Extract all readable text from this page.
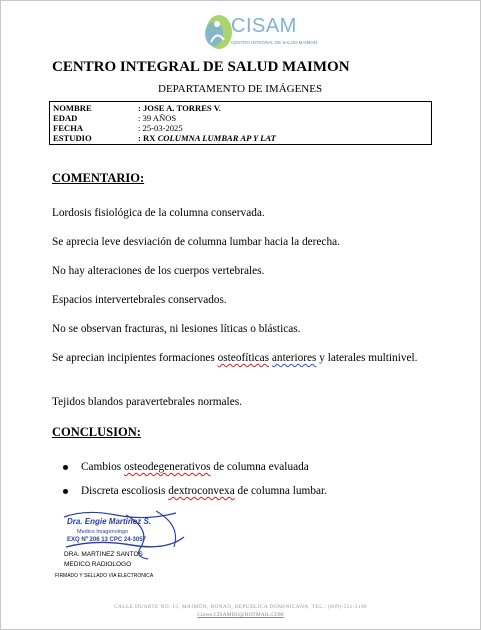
CISAM
CENTRO INTEGRAL DE SALUD MAIMON
CENTRO INTEGRAL DE SALUD MAIMON
DEPARTAMENTO DE IMÁGENES
NOMBRE	: JOSE A. TORRES V.
EDAD	: 39 AÑOS
FECHA	: 25-03-2025
ESTUDIO	: RX COLUMNA LUMBAR AP Y LAT
COMENTARIO:
Lordosis fisiológica de la columna conservada.
Se aprecia leve desviación de columna lumbar hacia la derecha.
No hay alteraciones de los cuerpos vertebrales.
Espacios intervertebrales conservados.
No se observan fracturas, ni lesiones líticas o blásticas.
Se aprecian incipientes formaciones osteofíticas anteriores y laterales multinivel.
Tejidos blandos paravertebrales normales.
CONCLUSION:
Cambios osteodegenerativos de columna evaluada
Discreta escoliosis dextroconvexa de columna lumbar.
Dra. Engie Martinez S.
Medico Imagenologo
EXQ Nº 206 13 CPC 24-3057
DRA. MARTINEZ SANTOS
MEDICO RADIOLOGO
FIRMADO Y SELLADO VIA ELECTRONICA
CALLE DUARTE NO. 15, MAIMÓN, BONAO, REPUBLICA DOMINICANA, TEL.: (809)-551-2196
Correo:CISAMDO@HOTMAIL.COM
